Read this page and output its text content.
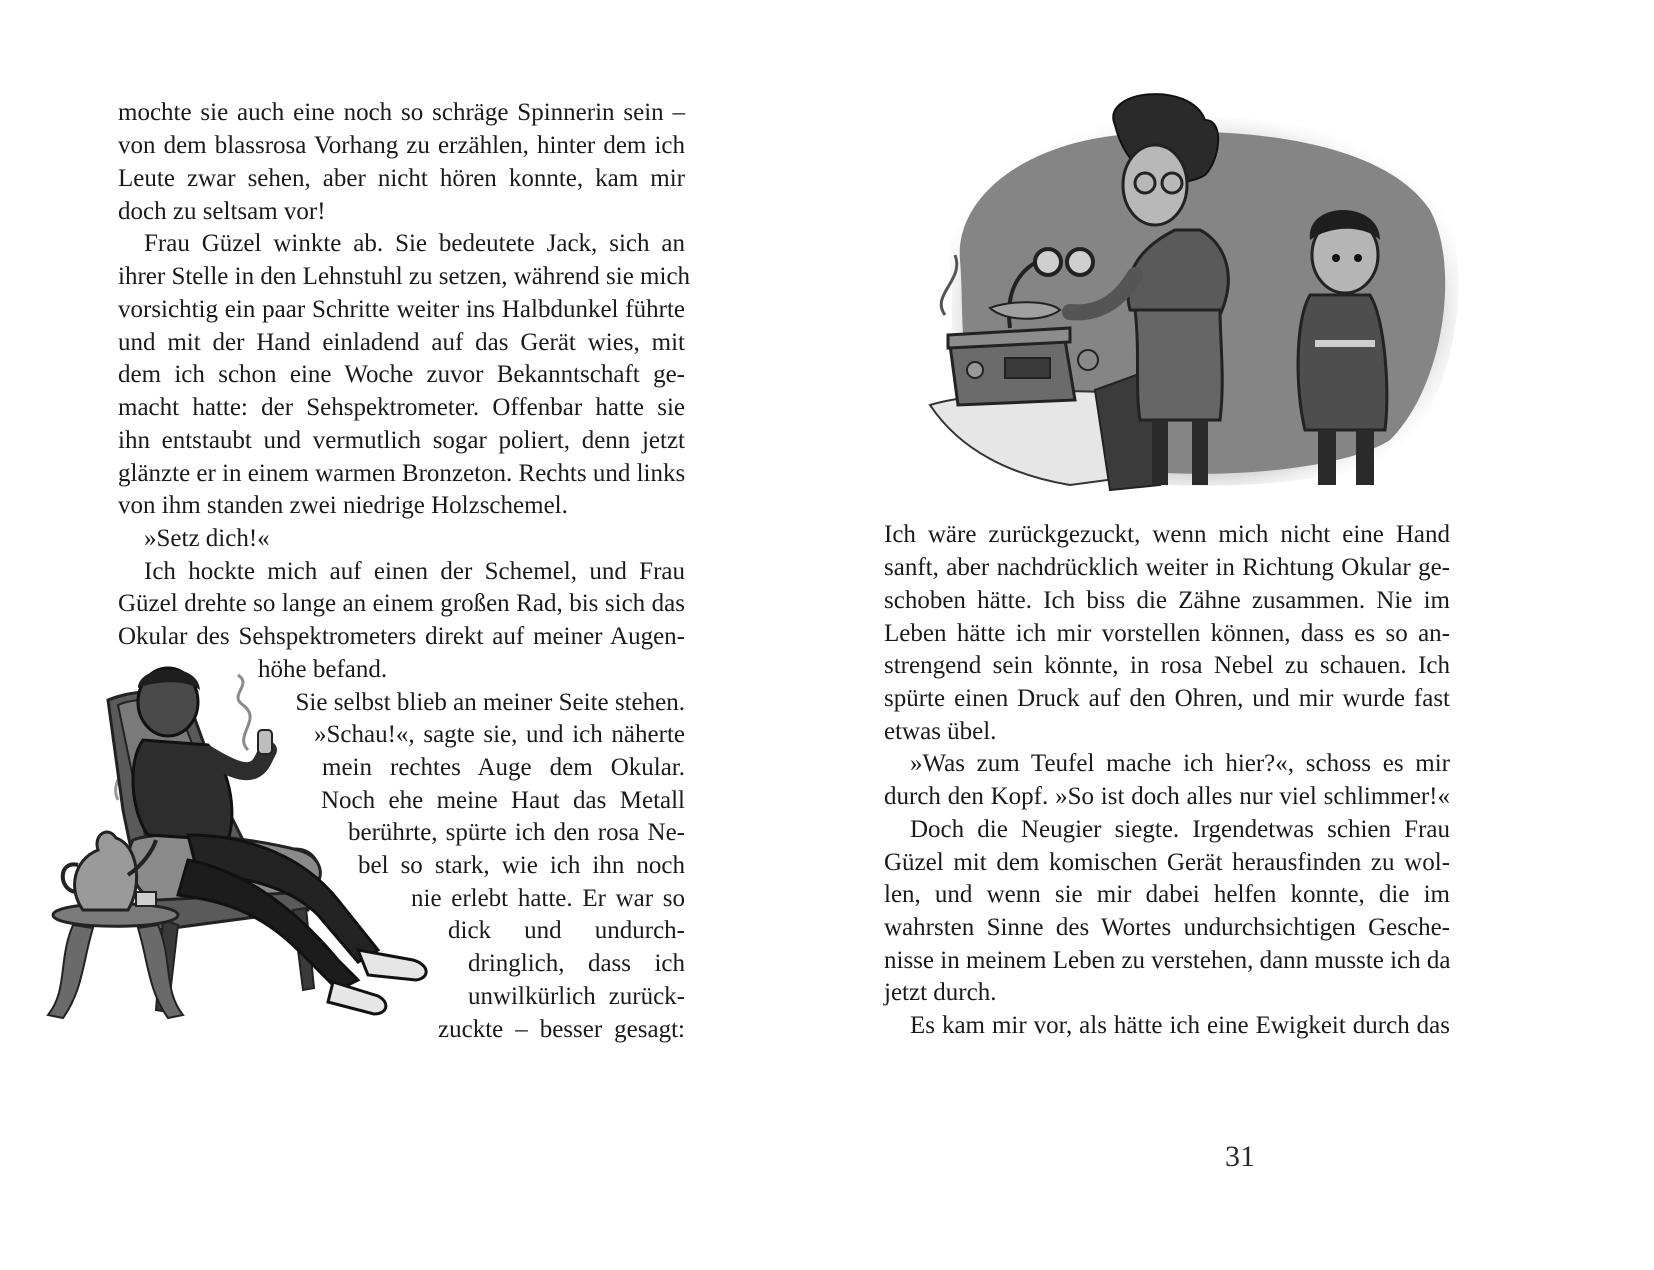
mochte sie auch eine noch so schräge Spinnerin sein –
von dem blassrosa Vorhang zu erzählen, hinter dem ich
Leute zwar sehen, aber nicht hören konnte, kam mir
doch zu seltsam vor!
Frau Güzel winkte ab. Sie bedeutete Jack, sich an
ihrer Stelle in den Lehnstuhl zu setzen, während sie mich
vorsichtig ein paar Schritte weiter ins Halbdunkel führte
und mit der Hand einladend auf das Gerät wies, mit
dem ich schon eine Woche zuvor Bekanntschaft ge-
macht hatte: der Sehspektrometer. Offenbar hatte sie
ihn entstaubt und vermutlich sogar poliert, denn jetzt
glänzte er in einem warmen Bronzeton. Rechts und links
von ihm standen zwei niedrige Holzschemel.
»Setz dich!«
Ich hockte mich auf einen der Schemel, und Frau
Güzel drehte so lange an einem großen Rad, bis sich das
Okular des Sehspektrometers direkt auf meiner Augen-
höhe befand.
Sie selbst blieb an meiner Seite stehen.
»Schau!«, sagte sie, und ich näherte
mein rechtes Auge dem Okular.
Noch ehe meine Haut das Metall
berührte, spürte ich den rosa Ne-
bel so stark, wie ich ihn noch
nie erlebt hatte. Er war so
dick und undurch-
dringlich, dass ich
unwilkürlich zurück-
zuckte – besser gesagt:
Ich wäre zurückgezuckt, wenn mich nicht eine Hand
sanft, aber nachdrücklich weiter in Richtung Okular ge-
schoben hätte. Ich biss die Zähne zusammen. Nie im
Leben hätte ich mir vorstellen können, dass es so an-
strengend sein könnte, in rosa Nebel zu schauen. Ich
spürte einen Druck auf den Ohren, und mir wurde fast
etwas übel.
»Was zum Teufel mache ich hier?«, schoss es mir
durch den Kopf. »So ist doch alles nur viel schlimmer!«
Doch die Neugier siegte. Irgendetwas schien Frau
Güzel mit dem komischen Gerät herausfinden zu wol-
len, und wenn sie mir dabei helfen konnte, die im
wahrsten Sinne des Wortes undurchsichtigen Gesche-
nisse in meinem Leben zu verstehen, dann musste ich da
jetzt durch.
Es kam mir vor, als hätte ich eine Ewigkeit durch das
31
